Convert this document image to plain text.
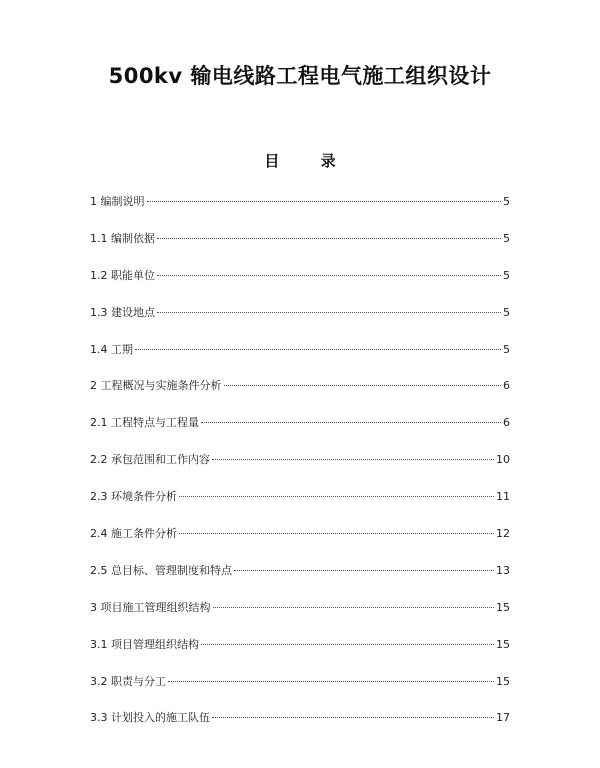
500kv 输电线路工程电气施工组织设计
目 录
1 编制说明	5
1.1 编制依据	5
1.2 职能单位	5
1.3 建设地点	5
1.4 工期	5
2 工程概况与实施条件分析	6
2.1 工程特点与工程量	6
2.2 承包范围和工作内容	10
2.3 环境条件分析	11
2.4 施工条件分析	12
2.5 总目标、管理制度和特点	13
3 项目施工管理组织结构	15
3.1 项目管理组织结构	15
3.2 职责与分工	15
3.3 计划投入的施工队伍	17
